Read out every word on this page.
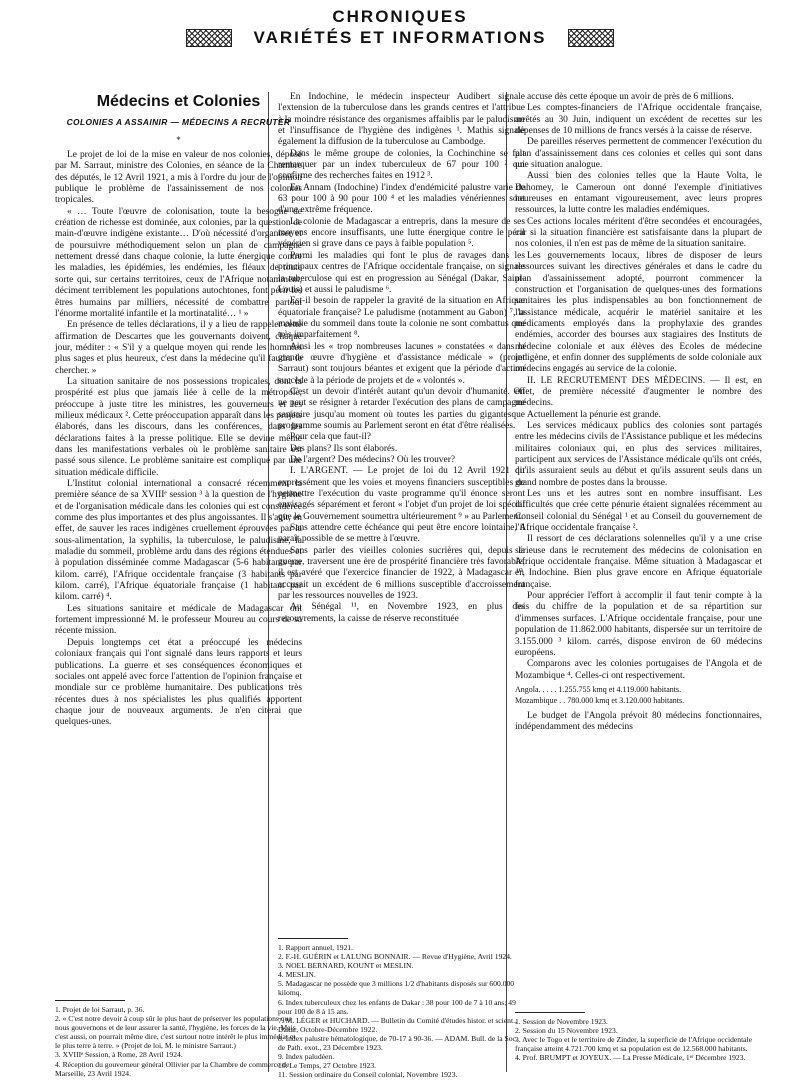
CHRONIQUES
VARIÉTÉS ET INFORMATIONS
Médecins et Colonies
COLONIES A ASSAINIR — MÉDECINS A RECRUTER
*

Le projet de loi de la mise en valeur de nos colonies, déposé par M. Sarraut, ministre des Colonies, en séance de la Chambre des députés, le 12 Avril 1921, a mis à l'ordre du jour de l'opinion publique le problème de l'assainissement de nos colonies tropicales.

« … Toute l'œuvre de colonisation, toute la besogne de création de richesse est dominée, aux colonies, par la question de main-d'œuvre indigène existante… D'où nécessité d'organiser et de poursuivre méthodiquement selon un plan de campagne nettement dressé dans chaque colonie, la lutte énergique contre les maladies, les épidémies, les endémies, les fléaux de toute sorte qui, sur certains territoires, ceux de l'Afrique notamment, déciment terriblement les populations autochtones, font périr les êtres humains par milliers, nécessité de combattre partout l'énorme mortalité infantile et la mortinatalité… ¹ »

En présence de telles déclarations, il y a lieu de rappeler cette affirmation de Descartes que les gouvernants doivent, chaque jour, méditer : « S'il y a quelque moyen qui rende les hommes plus sages et plus heureux, c'est dans la médecine qu'il faudra le chercher. »

La situation sanitaire de nos possessions tropicales, dont la prospérité est plus que jamais liée à celle de la métropole, préoccupe à juste titre les ministres, les gouverneurs et les milieux médicaux ². Cette préoccupation apparaît dans les projets élaborés, dans les discours, dans les conférences, dans les déclarations faites à la presse politique. Elle se devine même dans les manifestations verbales où le problème sanitaire est passé sous silence. Le problème sanitaire est compliqué par une situation médicale difficile.

L'Institut colonial international a consacré récemment la première séance de sa XVIIIᵉ session ³ à la question de l'hygiène et de l'organisation médicale dans les colonies qui est considérée comme des plus importantes et des plus angoissantes. Il s'agit, en effet, de sauver les races indigènes cruellement éprouvées par la sous-alimentation, la syphilis, la tuberculose, le paludisme, la maladie du sommeil, problème ardu dans des régions étendues et à population disséminée comme Madagascar (5-6 habitants par kilom. carré), l'Afrique occidentale française (3 habitants par kilom. carré), l'Afrique équatoriale française (1 habitant par kilom. carré) ⁴.

Les situations sanitaire et médicale de Madagascar ont fortement impressionné M. le professeur Moureu au cours de sa récente mission.

Depuis longtemps cet état a préoccupé les médecins coloniaux français qui l'ont signalé dans leurs rapports et leurs publications. La guerre et ses conséquences économiques et sociales ont appelé avec force l'attention de l'opinion française et mondiale sur ce problème humanitaire. Des publications très récentes dues à nos spécialistes les plus qualifiés apportent chaque jour de nouveaux arguments. Je n'en citerai que quelques-unes.

1. Projet de loi Sarraut, p. 36.
2. « C'est notre devoir à coup sûr le plus haut de préserver les populations que nous gouvernons et de leur assurer la santé, l'hygiène, les forces de la vie. Mais c'est aussi, on pourrait même dire, c'est surtout notre intérêt le plus immédiat et le plus terre à terre. » (Projet de loi, M. le ministre Sarraut.)
3. XVIIIᵉ Session, à Rome, 28 Avril 1924.
4. Réception du gouverneur général Ollivier par la Chambre de commerce de Marseille, 23 Avril 1924.

En Indochine, le médecin inspecteur Audibert signale l'extension de la tuberculose dans les grands centres et l'attribue à la moindre résistance des organismes affaiblis par le paludisme et l'insuffisance de l'hygiène des indigènes ¹. Mathis signale également la diffusion de la tuberculose au Cambodge.

Dans le même groupe de colonies, la Cochinchine se fait remarquer par un index tuberculeux de 67 pour 100 ² qui confirme des recherches faites en 1912 ³.

En Annam (Indochine) l'index d'endémicité palustre varie de 63 pour 100 à 90 pour 100 ⁴ et les maladies vénériennes sont d'une extrême fréquence.

La colonie de Madagascar a entrepris, dans la mesure de ses moyens encore insuffisants, une lutte énergique contre le péril vénérien si grave dans ce pays à faible population ⁵.

Parmi les maladies qui font le plus de ravages dans les principaux centres de l'Afrique occidentale française, on signale la tuberculose qui est en progression au Sénégal (Dakar, Saint-Louis) et aussi le paludisme ⁶.

Est-il besoin de rappeler la gravité de la situation en Afrique équatoriale française? Le paludisme (notamment au Gabon) ⁷, la maladie du sommeil dans toute la colonie ne sont combattus que très imparfaitement ⁸.

Ainsi les « trop nombreuses lacunes » constatées « dans la grande œuvre d'hygiène et d'assistance médicale » (projet Sarraut) sont toujours béantes et exigent que la période d'action succède à la période de projets et de « volontés ».

C'est un devoir d'intérêt autant qu'un devoir d'humanité. On ne peut se résigner à retarder l'exécution des plans de campagne sanitaire jusqu'au moment où toutes les parties du gigantesque programme soumis au Parlement seront en état d'être réalisées.

Pour cela que faut-il?

Des plans? Ils sont élaborés.

De l'argent? Des médecins? Où les trouver?

I. L'ARGENT. — Le projet de loi du 12 Avril 1921 dit expressément que les voies et moyens financiers susceptibles de permettre l'exécution du vaste programme qu'il énonce seront envisagés séparément et feront « l'objet d'un projet de loi spécial que le Gouvernement soumettra ultérieurement ⁹ » au Parlement.

Sans attendre cette échéance qui peut être encore lointaine, il paraît possible de se mettre à l'œuvre.

Sans parler des vieilles colonies sucrières qui, depuis la guerre, traversent une ère de prospérité financière très favorable, il est avéré que l'exercice financier de 1922, à Madagascar ¹⁰, accusait un excédent de 6 millions susceptible d'accroissement par les ressources nouvelles de 1923.

Au Sénégal ¹¹, en Novembre 1923, en plus des recouvrements, la caisse de réserve reconstituée

1. Rapport annuel, 1921.
2. F.-H. GUÉRIN et LALUNG BONNAIR. — Revue d'Hygiène, Avril 1924.
3. NOEL BERNARD, KOUNT et MESLIN.
4. MESLIN.
5. Madagascar ne possède que 3 millions 1/2 d'habitants disposés sur 600.000 kilomq.
6. Index tuberculeux chez les enfants de Dakar : 38 pour 100 de 7 à 10 ans; 49 pour 100 de 8 à 15 ans.
7. M. LÉGER et HUCHARD. — Bulletin du Comité d'études histor. et scient., Dakar, Octobre-Décembre 1922.
8. Index palustre hématologique, de 70-17 à 90-36. — ADAM. Bull. de la Soc. de Path. exot., 23 Décembre 1923.
9. Index paludéen.
10. Le Temps, 27 Octobre 1923.
11. Session ordinaire du Conseil colonial, Novembre 1923.

accuse dès cette époque un avoir de près de 6 millions.

Les comptes-financiers de l'Afrique occidentale française, arrêtés au 30 Juin, indiquent un excédent de recettes sur les dépenses de 10 millions de francs versés à la caisse de réserve.

De pareilles réserves permettent de commencer l'exécution du plan d'assainissement dans ces colonies et celles qui sont dans une situation analogue.

Aussi bien des colonies telles que la Haute Volta, le Dahomey, le Cameroun ont donné l'exemple d'initiatives heureuses en entamant vigoureusement, avec leurs propres ressources, la lutte contre les maladies endémiques.

Ces actions locales méritent d'être secondées et encouragées, car si la situation financière est satisfaisante dans la plupart de nos colonies, il n'en est pas de même de la situation sanitaire.

Les gouvernements locaux, libres de disposer de leurs ressources suivant les directives générales et dans le cadre du plan d'assainissement adopté, pourront commencer la construction et l'organisation de quelques-unes des formations sanitaires les plus indispensables au bon fonctionnement de l'assistance médicale, acquérir le matériel sanitaire et les médicaments employés dans la prophylaxie des grandes endémies, accorder des bourses aux stagiaires des Instituts de médecine coloniale et aux élèves des Ecoles de médecine indigène, et enfin donner des suppléments de solde coloniale aux médecins engagés au service de la colonie.

II. LE RECRUTEMENT DES MÉDECINS. — Il est, en effet, de première nécessité d'augmenter le nombre des médecins.

Actuellement la pénurie est grande.

Les services médicaux publics des colonies sont partagés entre les médecins civils de l'Assistance publique et les médecins militaires coloniaux qui, en plus des services militaires, participent aux services de l'Assistance médicale qu'ils ont créés, qu'ils assuraient seuls au début et qu'ils assurent seuls dans un grand nombre de postes dans la brousse.

Les uns et les autres sont en nombre insuffisant. Les difficultés que crée cette pénurie étaient signalées récemment au Conseil colonial du Sénégal ¹ et au Conseil du gouvernement de l'Afrique occidentale française ².

Il ressort de ces déclarations solennelles qu'il y a une crise sérieuse dans le recrutement des médecins de colonisation en Afrique occidentale française. Même situation à Madagascar et en Indochine. Bien plus grave encore en Afrique équatoriale française.

Pour apprécier l'effort à accomplir il faut tenir compte à la fois du chiffre de la population et de sa répartition sur d'immenses surfaces. L'Afrique occidentale française, pour une population de 11.862.000 habitants, dispersée sur un territoire de 3.155.000 ³ kilom. carrés, dispose environ de 60 médecins européens.

Comparons avec les colonies portugaises de l'Angola et de Mozambique ⁴. Celles-ci ont respectivement.

Angola. . . . . 1.255.755 kmq et 4.119.000 habitants.
Mozambique . . 780.000 kmq et 3.120.000 habitants.

Le budget de l'Angola prévoit 80 médecins fonctionnaires, indépendamment des médecins

1. Session de Novembre 1923.
2. Session du 15 Novembre 1923.
3. Avec le Togo et le territoire de Zinder, la superficie de l'Afrique occidentale française atteint 4.721.700 kmq et sa population est de 12.568.000 habitants.
4. Prof. BRUMPT et JOYEUX. — La Presse Médicale, 1ᵉʳ Décembre 1923.
